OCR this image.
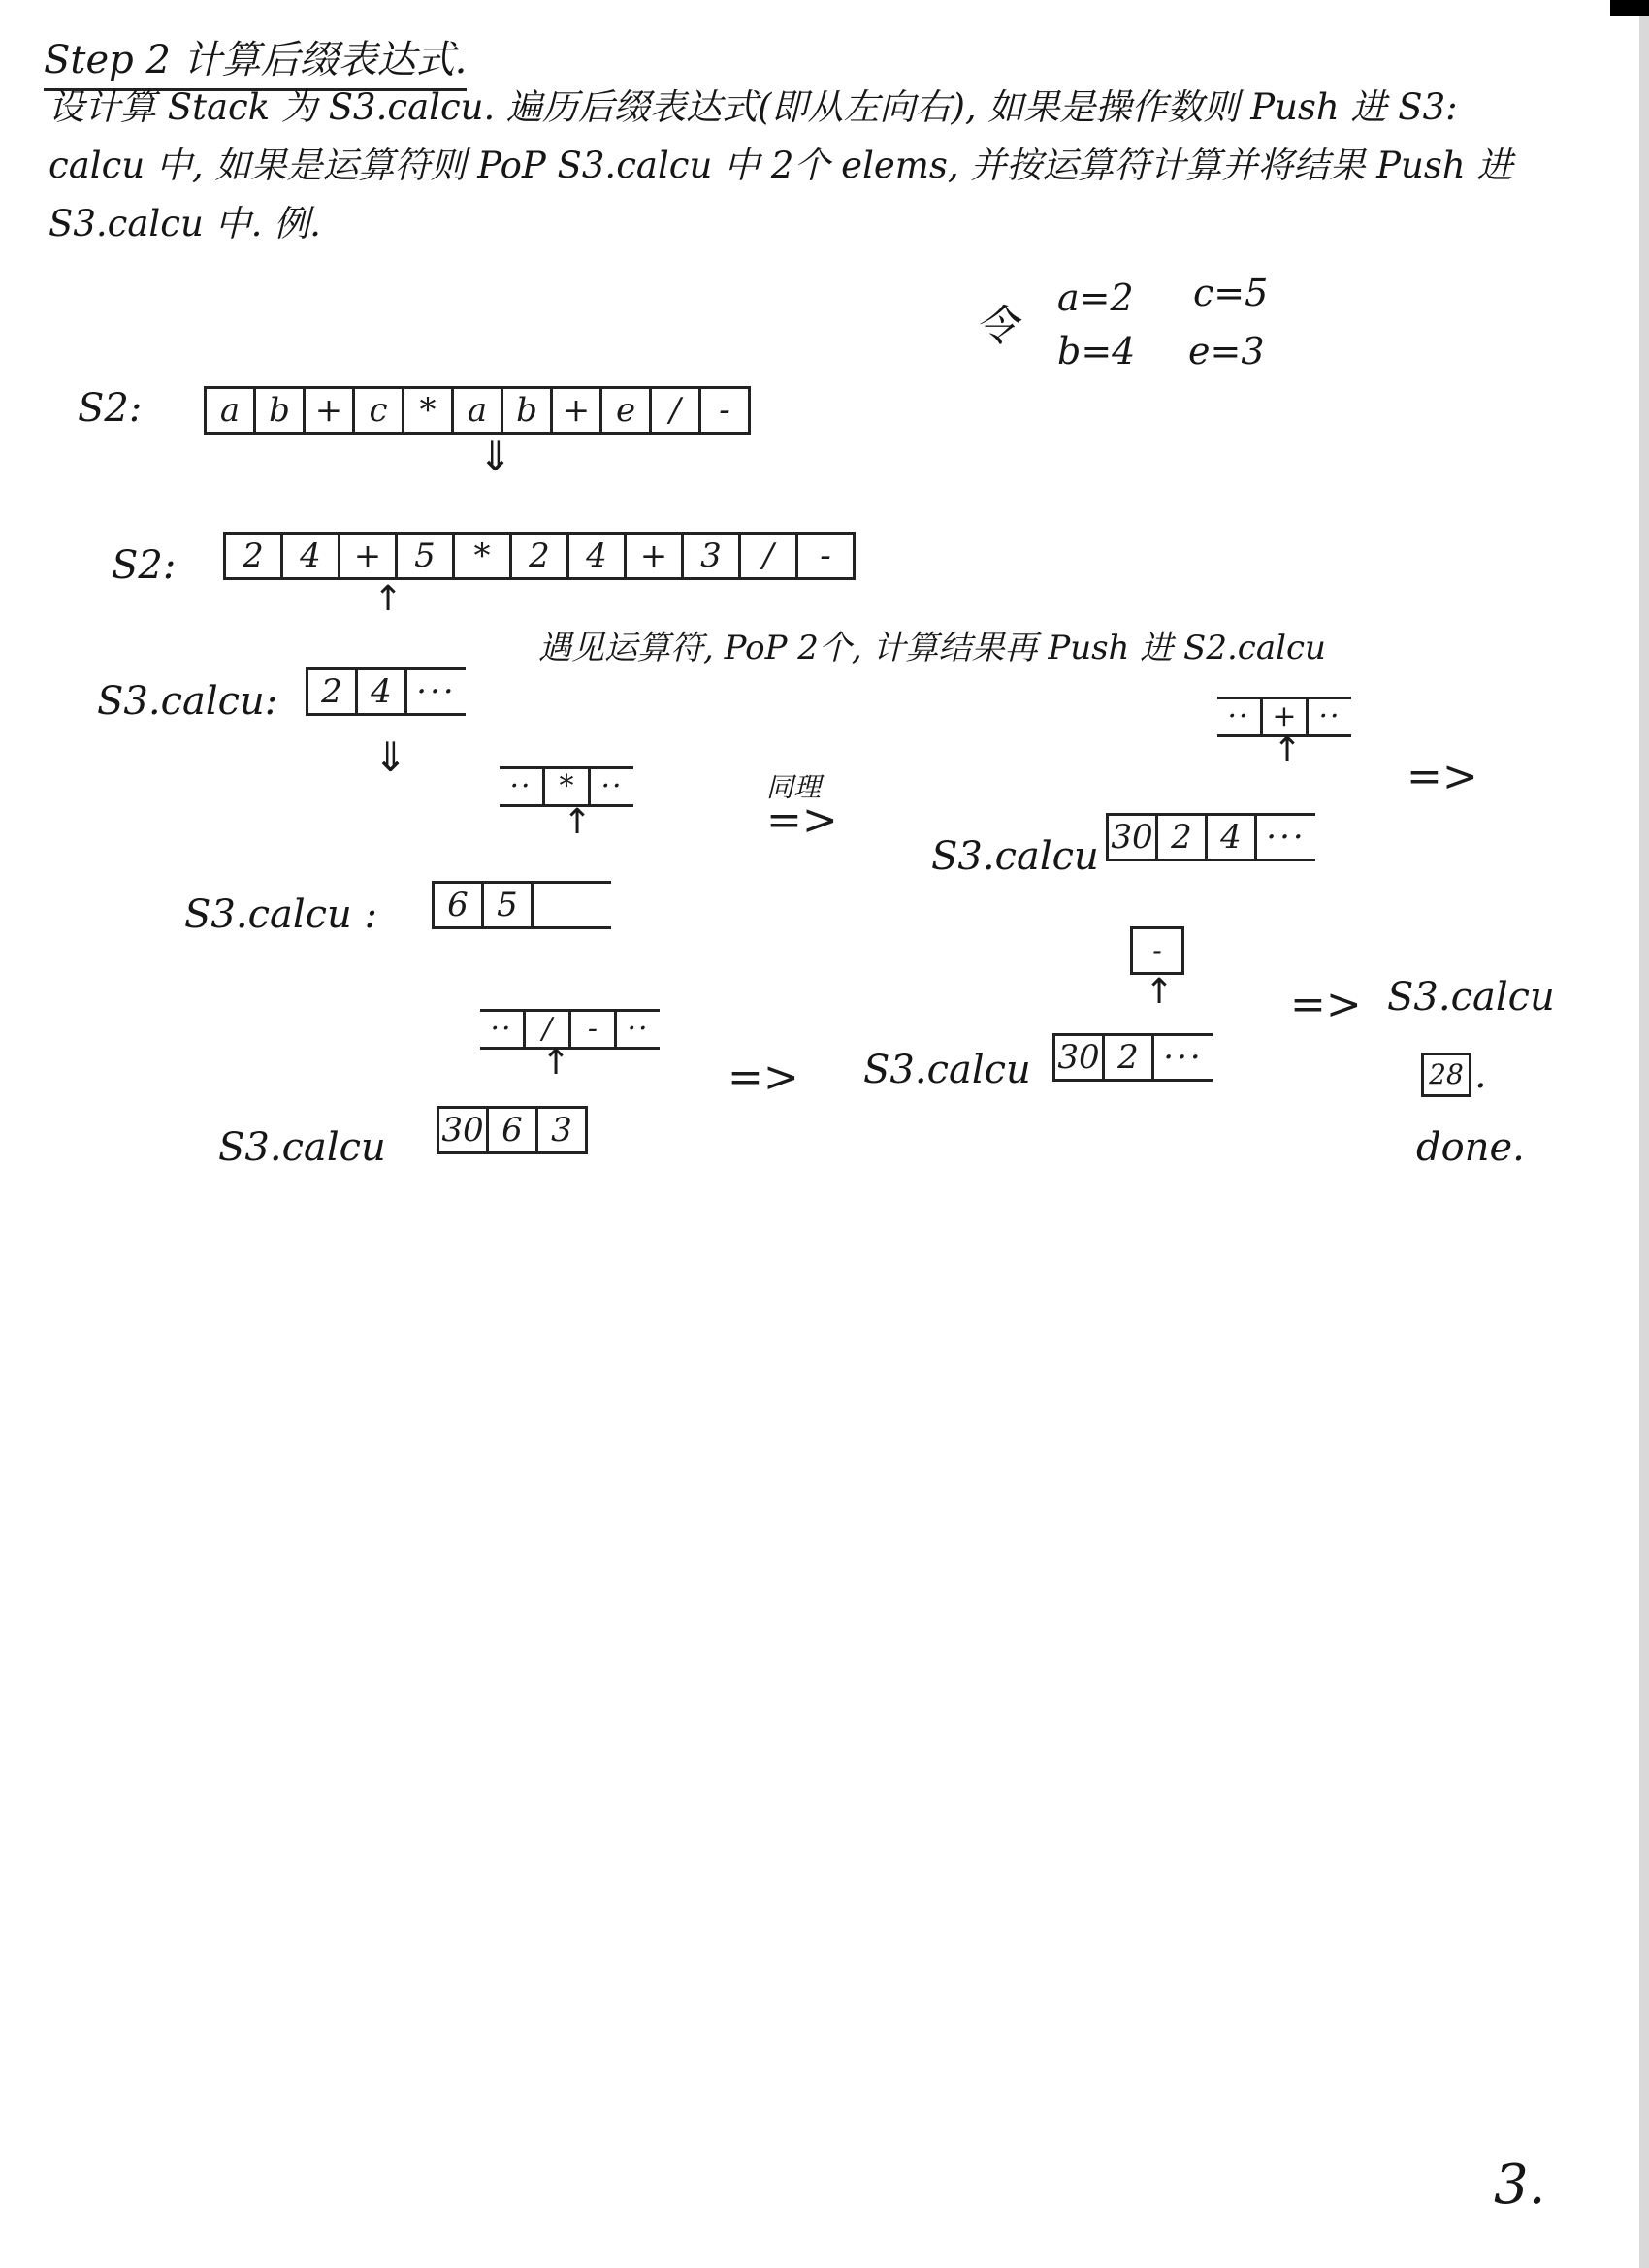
Step 2 计算后缀表达式.
设计算 Stack 为 S3.calcu. 遍历后缀表达式(即从左向右), 如果是操作数则 Push 进 S3:
calcu 中, 如果是运算符则 PoP S3.calcu 中 2个 elems, 并按运算符计算并将结果 Push 进
S3.calcu 中. 例.
令
a=2 c=5
b=4 e=3
S2:	a b + c * a b + e	/	-
⇓
S2:	2	4 + 5	*	2	4 + 3	/	-
↑
S3.calcu:	2 4 ···
遇见运算符, PoP 2个, 计算结果再 Push 进 S2.calcu
⇓
·· * ··
↑
S3.calcu :	6 5
同理
=>
·· + ··
↑
S3.calcu 30 2 4 ···
=>
··	/	-	··
↑
S3.calcu 30 6 3
=>
-
↑
S3.calcu 30 2 ···
=> S3.calcu
28 .
done.
3.
